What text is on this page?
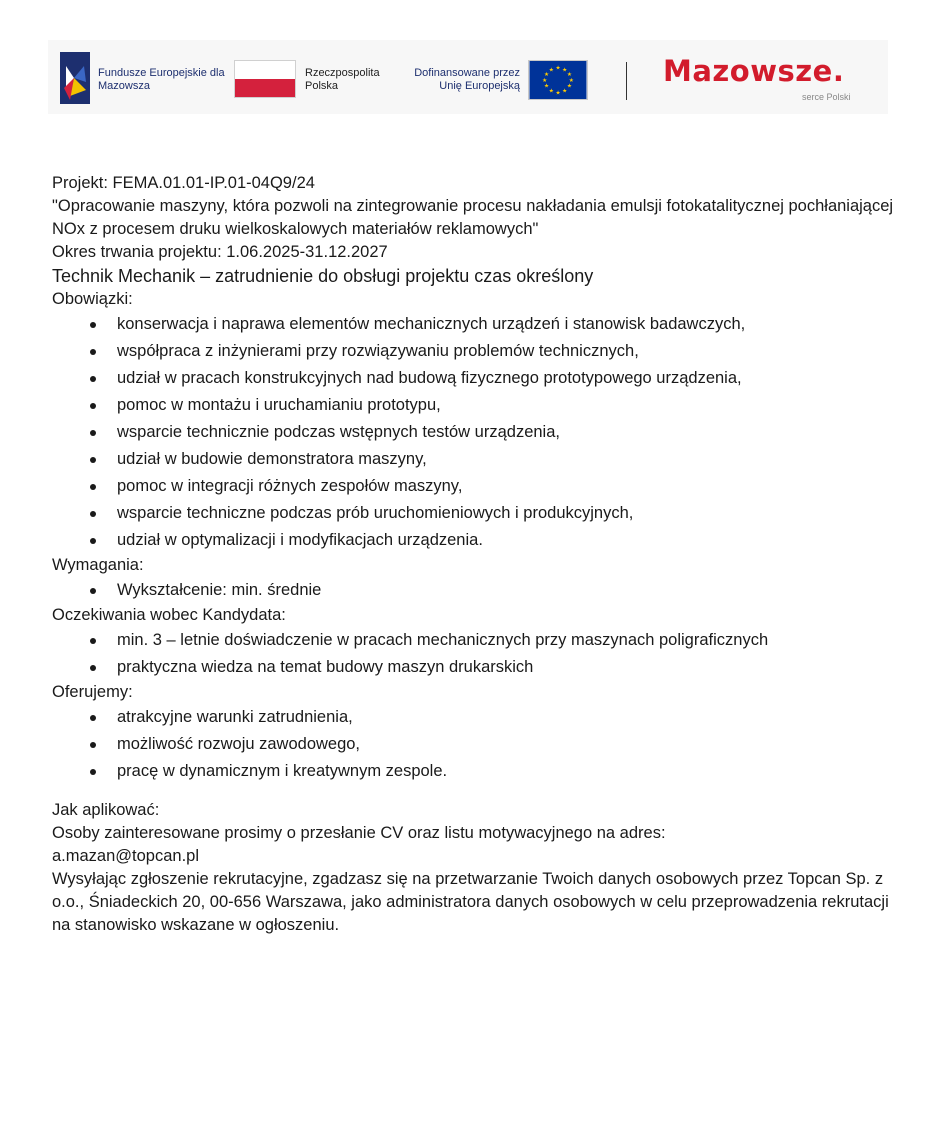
Fundusze Europejskie dla Mazowsza
Rzeczpospolita Polska
Dofinansowane przez Unię Europejską
★ ★
★
★
★
★
★
★
★
★
★
★	Mazowsze.
serce Polski

Projekt: FEMA.01.01-IP.01-04Q9/24

"Opracowanie maszyny, która pozwoli na zintegrowanie procesu nakładania emulsji fotokatalitycznej pochłaniającej NOx z procesem druku wielkoskalowych materiałów reklamowych"

Okres trwania projektu: 1.06.2025-31.12.2027

Technik Mechanik – zatrudnienie do obsługi projektu czas określony

Obowiązki:

konserwacja i naprawa elementów mechanicznych urządzeń i stanowisk badawczych,
współpraca z inżynierami przy rozwiązywaniu problemów technicznych,
udział w pracach konstrukcyjnych nad budową fizycznego prototypowego urządzenia,
pomoc w montażu i uruchamianiu prototypu,
wsparcie technicznie podczas wstępnych testów urządzenia,
udział w budowie demonstratora maszyny,
pomoc w integracji różnych zespołów maszyny,
wsparcie techniczne podczas prób uruchomieniowych i produkcyjnych,
udział w optymalizacji i modyfikacjach urządzenia.

Wymagania:

Wykształcenie: min. średnie

Oczekiwania wobec Kandydata:

min. 3 – letnie doświadczenie w pracach mechanicznych przy maszynach poligraficznych
praktyczna wiedza na temat budowy maszyn drukarskich

Oferujemy:

atrakcyjne warunki zatrudnienia,
możliwość rozwoju zawodowego,
pracę w dynamicznym i kreatywnym zespole.

Jak aplikować:

Osoby zainteresowane prosimy o przesłanie CV oraz listu motywacyjnego na adres:

a.mazan@topcan.pl

Wysyłając zgłoszenie rekrutacyjne, zgadzasz się na przetwarzanie Twoich danych osobowych przez Topcan Sp. z o.o., Śniadeckich 20, 00-656 Warszawa, jako administratora danych osobowych w celu przeprowadzenia rekrutacji na stanowisko wskazane w ogłoszeniu.
